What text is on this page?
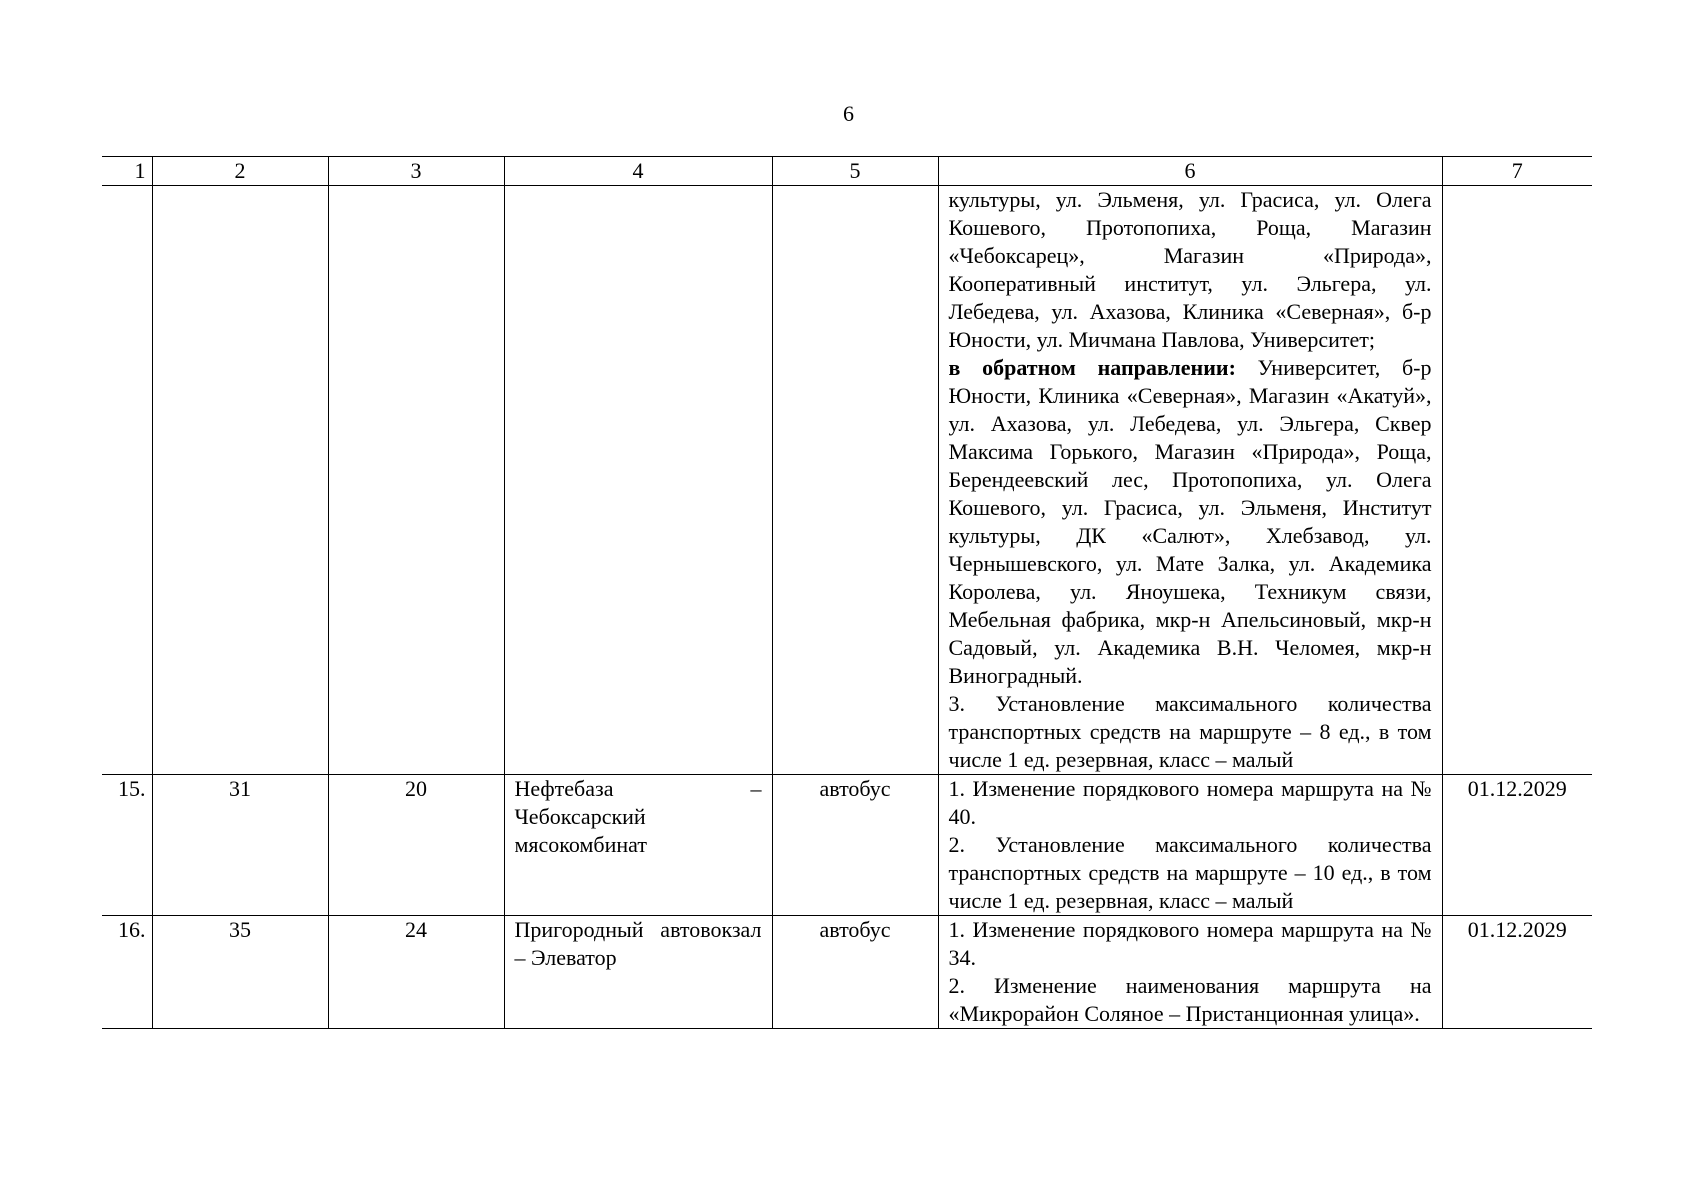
6
1	2	3	4	5	6	7

					культуры, ул. Эльменя, ул. Грасиса, ул. Олега Кошевого, Протопопиха, Роща, Магазин «Чебоксарец», Магазин «Природа», Кооперативный институт, ул. Эльгера, ул. Лебедева, ул. Ахазова, Клиника «Северная», б-р Юности, ул. Мичмана Павлова, Университет;

в обратном направлении: Университет, б-р Юности, Клиника «Северная», Магазин «Акатуй», ул. Ахазова, ул. Лебедева, ул. Эльгера, Сквер Максима Горького, Магазин «Природа», Роща, Берендеевский лес, Протопопиха, ул. Олега Кошевого, ул. Грасиса, ул. Эльменя, Институт культуры, ДК «Салют», Хлебзавод, ул. Чернышевского, ул. Мате Залка, ул. Академика Королева, ул. Яноушека, Техникум связи, Мебельная фабрика, мкр-н Апельсиновый, мкр-н Садовый, ул. Академика В.Н. Челомея, мкр-н Виноградный.

3. Установление максимального количества транспортных средств на маршруте – 8 ед., в том числе 1 ед. резервная, класс – малый	

15.	31	20	Нефтебаза – Чебоксарский мясокомбинат	автобус	1. Изменение порядкового номера маршрута на № 40.

2. Установление максимального количества транспортных средств на маршруте – 10 ед., в том числе 1 ед. резервная, класс – малый	01.12.2029
16.	35	24	Пригородный автовокзал – Элеватор	автобус	1. Изменение порядкового номера маршрута на № 34.

2. Изменение наименования маршрута на «Микрорайон Соляное – Пристанционная улица».	01.12.2029
